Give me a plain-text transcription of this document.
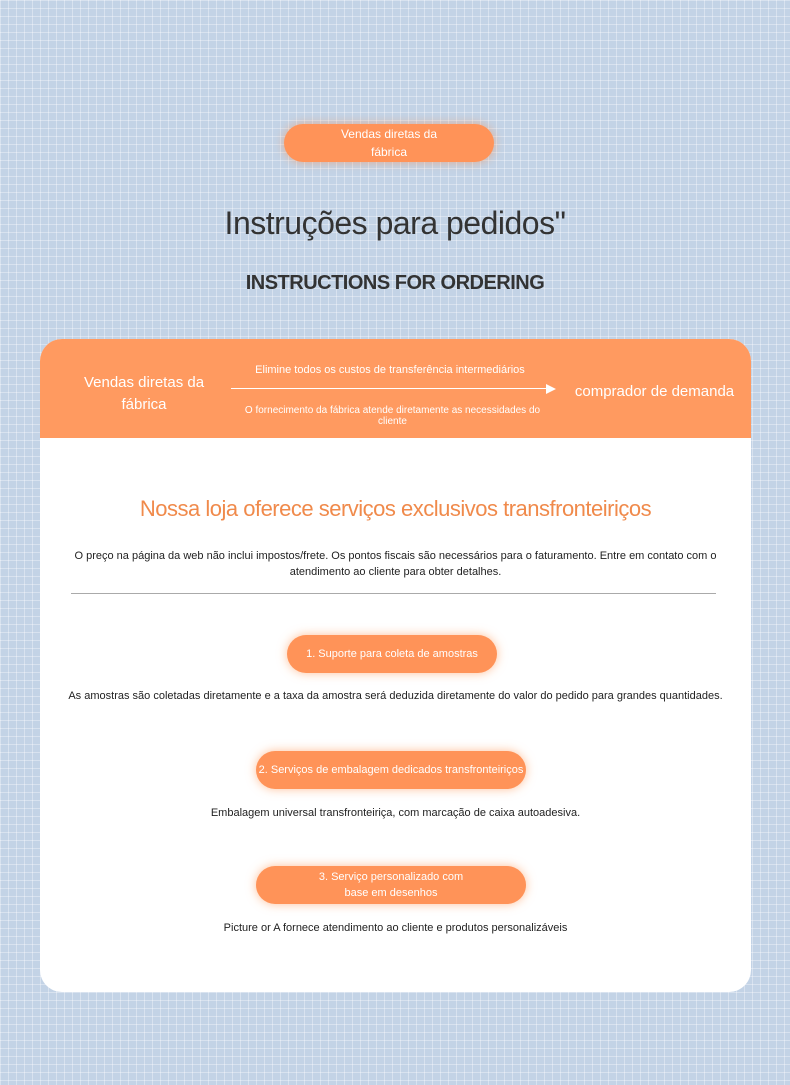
Vendas diretas da fábrica
Instruções para pedidos"
INSTRUCTIONS FOR ORDERING
Vendas diretas da fábrica
Elimine todos os custos de transferência intermediários
O fornecimento da fábrica atende diretamente as necessidades do cliente
comprador de demanda
Nossa loja oferece serviços exclusivos transfronteiriços
O preço na página da web não inclui impostos/frete. Os pontos fiscais são necessários para o faturamento. Entre em contato com o atendimento ao cliente para obter detalhes.
1. Suporte para coleta de amostras
As amostras são coletadas diretamente e a taxa da amostra será deduzida diretamente do valor do pedido para grandes quantidades.
2. Serviços de embalagem dedicados transfronteiriços
Embalagem universal transfronteiriça, com marcação de caixa autoadesiva.
3. Serviço personalizado com base em desenhos
Picture or A fornece atendimento ao cliente e produtos personalizáveis
